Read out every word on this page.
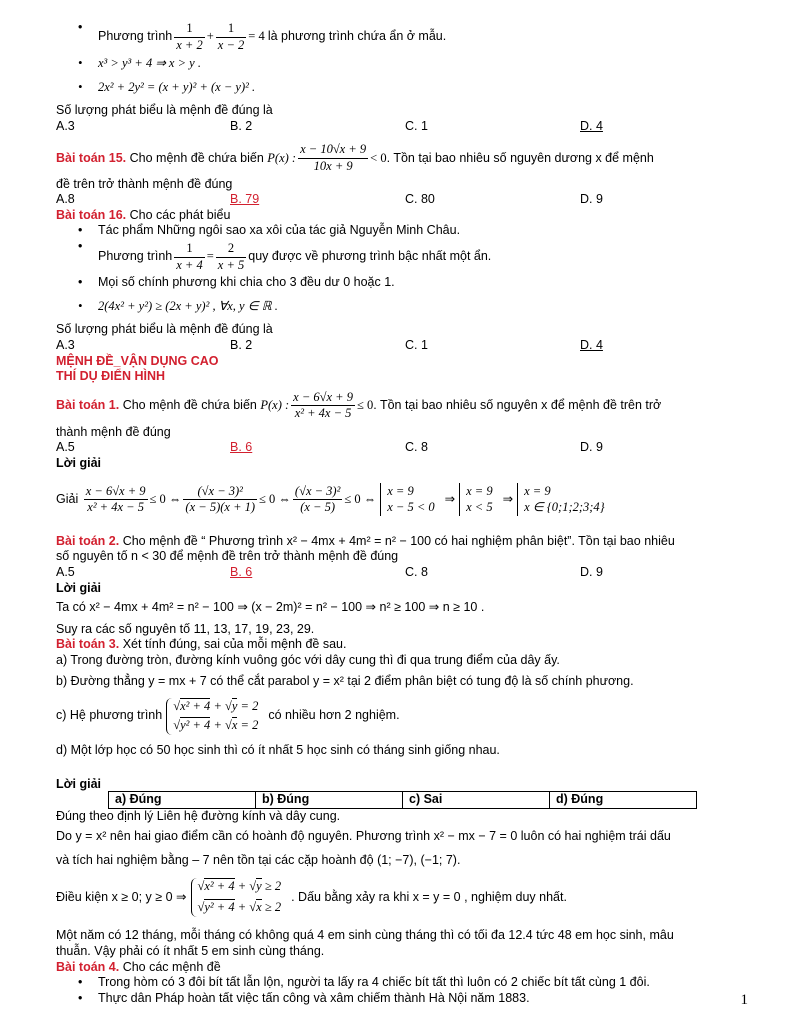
• Phương trình $\frac{1}{x + 2} + \frac{1}{x - 2} = 4$ là phương trình chứa ẩn ở mẫu.
• x³ > y³ + 4 ⇒ x > y .
• 2x² + 2y² = (x + y)² + (x − y)² .
Số lượng phát biểu là mệnh đề đúng là
A.3	B. 2	C. 1	D. 4
Bài toán 15.
Cho mệnh đề chứa biến
P(x) : $\frac{x - 10√x + 9}{10x + 9} < 0$ . Tồn tại bao nhiêu số nguyên dương x để mệnh
đề trên trở thành mệnh đề đúng
A.8	B. 79	C. 80	D. 9
Bài toán 16. Cho các phát biểu
• Tác phẩm Những ngôi sao xa xôi của tác giả Nguyễn Minh Châu.
• Phương trình $\frac{1}{x + 4} = \frac{2}{x + 5}$ quy được về phương trình bậc nhất một ẩn.
• Mọi số chính phương khi chia cho 3 đều dư 0 hoặc 1.
• 2(4x² + y²) ≥ (2x + y)² , ∀x, y ∈ ℝ .
Số lượng phát biểu là mệnh đề đúng là
A.3	B. 2	C. 1	D. 4
MỆNH ĐỀ_VẬN DỤNG CAO
THÍ DỤ ĐIỂN HÌNH
Bài toán 1.
Cho mệnh đề chứa biến
P(x) : $\frac{x - 6√x + 9}{\text{x² + 4x − 5}} \le 0$ . Tồn tại bao nhiêu số nguyên x để mệnh đề trên trở
thành mệnh đề đúng
A.5	B. 6	C. 8	D. 9
Lời giải
Giải
$\frac{x - 6√x + 9}{\text{x² + 4x − 5}} \le 0$ ⇔ $\frac{\text{(√x − 3)²}}{(x - 5)(x + 1)} \le 0$ ⇔ $\frac{\text{(√x − 3)²}}{(x - 5)} \le 0$ ⇔
x = 9
x − 5 < 0
⇒
x = 9
x < 5
⇒
x = 9
x ∈ {0;1;2;3;4}
Bài toán 2. Cho mệnh đề “ Phương trình x² − 4mx + 4m² = n² − 100 có hai nghiệm phân biệt”. Tồn tại bao nhiêu
số nguyên tố n < 30 để mệnh đề trên trở thành mệnh đề đúng
A.5	B. 6	C. 8	D. 9
Lời giải
Ta có x² − 4mx + 4m² = n² − 100 ⇒ (x − 2m)² = n² − 100 ⇒ n² ≥ 100 ⇒ n ≥ 10 .
Suy ra các số nguyên tố 11, 13, 17, 19, 23, 29.
Bài toán 3. Xét tính đúng, sai của mỗi mệnh đề sau.
a) Trong đường tròn, đường kính vuông góc với dây cung thì đi qua trung điểm của dây ấy.
b) Đường thẳng y = mx + 7 có thể cắt parabol y = x² tại 2 điểm phân biệt có tung độ là số chính phương.
c) Hệ phương trình
√x² + 4 + √y = 2
√y² + 4 + √x = 2
có nhiều hơn 2 nghiệm.
d) Một lớp học có 50 học sinh thì có ít nhất 5 học sinh có tháng sinh giống nhau.
Lời giải
a) Đúng	b) Đúng	c) Sai	d) Đúng
Đúng theo định lý Liên hệ đường kính và dây cung.
Do y = x² nên hai giao điểm cần có hoành độ nguyên. Phương trình x² − mx − 7 = 0 luôn có hai nghiệm trái dấu
và tích hai nghiệm bằng – 7 nên tồn tại các cặp hoành độ (1; −7), (−1; 7).
Điều kiện x ≥ 0; y ≥ 0 ⇒
√x² + 4 + √y ≥ 2
√y² + 4 + √x ≥ 2
. Dấu bằng xảy ra khi x = y = 0 , nghiệm duy nhất.
Một năm có 12 tháng, mỗi tháng có không quá 4 em sinh cùng tháng thì có tối đa 12.4 tức 48 em học sinh, mâu
thuẫn. Vậy phải có ít nhất 5 em sinh cùng tháng.
Bài toán 4. Cho các mệnh đề
• Trong hòm có 3 đôi bít tất lẫn lộn, người ta lấy ra 4 chiếc bít tất thì luôn có 2 chiếc bít tất cùng 1 đôi.
• Thực dân Pháp hoàn tất việc tấn công và xâm chiếm thành Hà Nội năm 1883.	1
